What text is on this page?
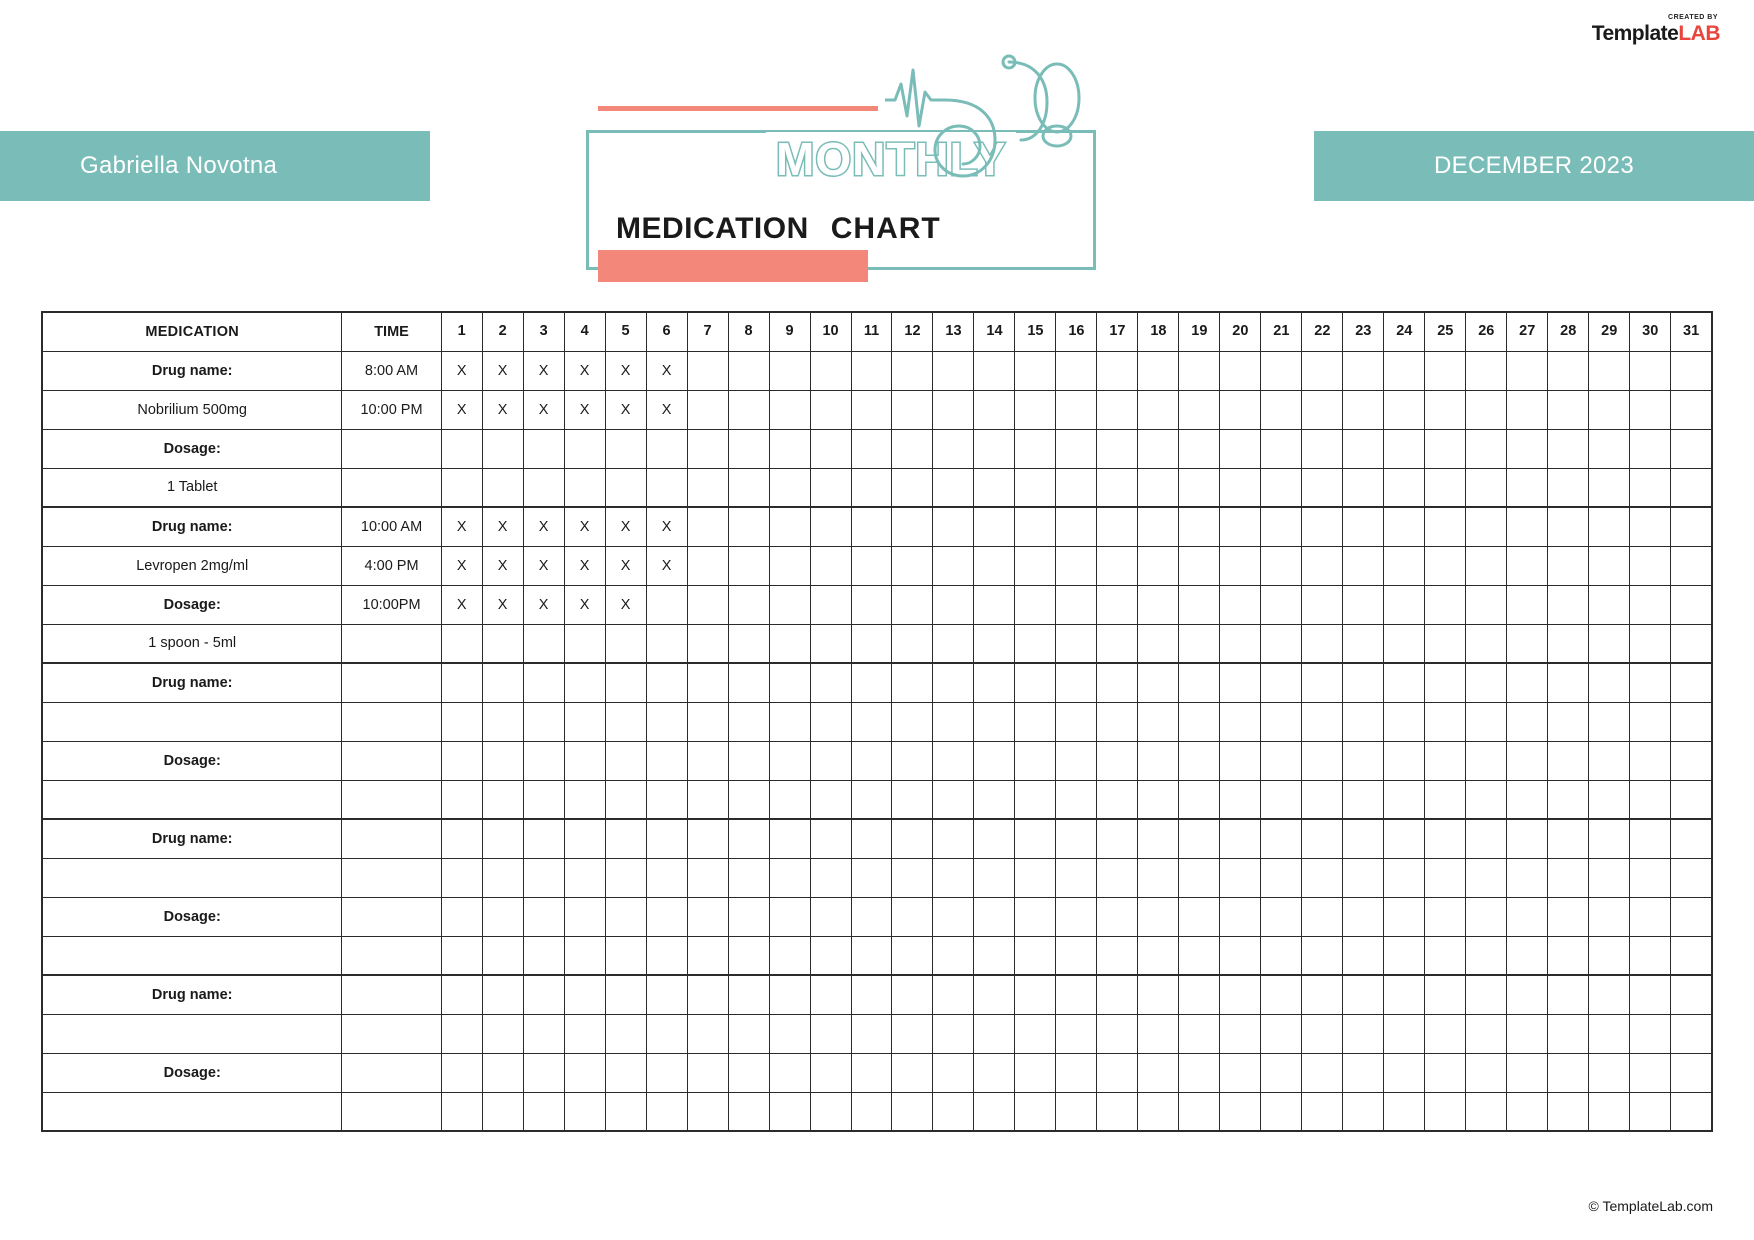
CREATED BY
TemplateLAB
Gabriella Novotna	DECEMBER 2023
MONTHLY
MEDICATION CHART
MEDICATION	TIME	1	2	3	4	5	6	7	8	9	10	11	12	13	14	15	16	17	18	19	20	21	22	23	24	25	26	27	28	29	30	31
Drug name:	8:00 AM	X	X	X	X	X	X																									
Nobrilium 500mg	10:00 PM	X	X	X	X	X	X																									
Dosage:																																
1 Tablet																																
Drug name:	10:00 AM	X	X	X	X	X	X																									
Levropen 2mg/ml	4:00 PM	X	X	X	X	X	X																									
Dosage:	10:00PM	X	X	X	X	X																										
1 spoon - 5ml																																
Drug name:																																

Dosage:																																

Drug name:																																

Dosage:																																

Drug name:																																

Dosage:																																

© TemplateLab.com
